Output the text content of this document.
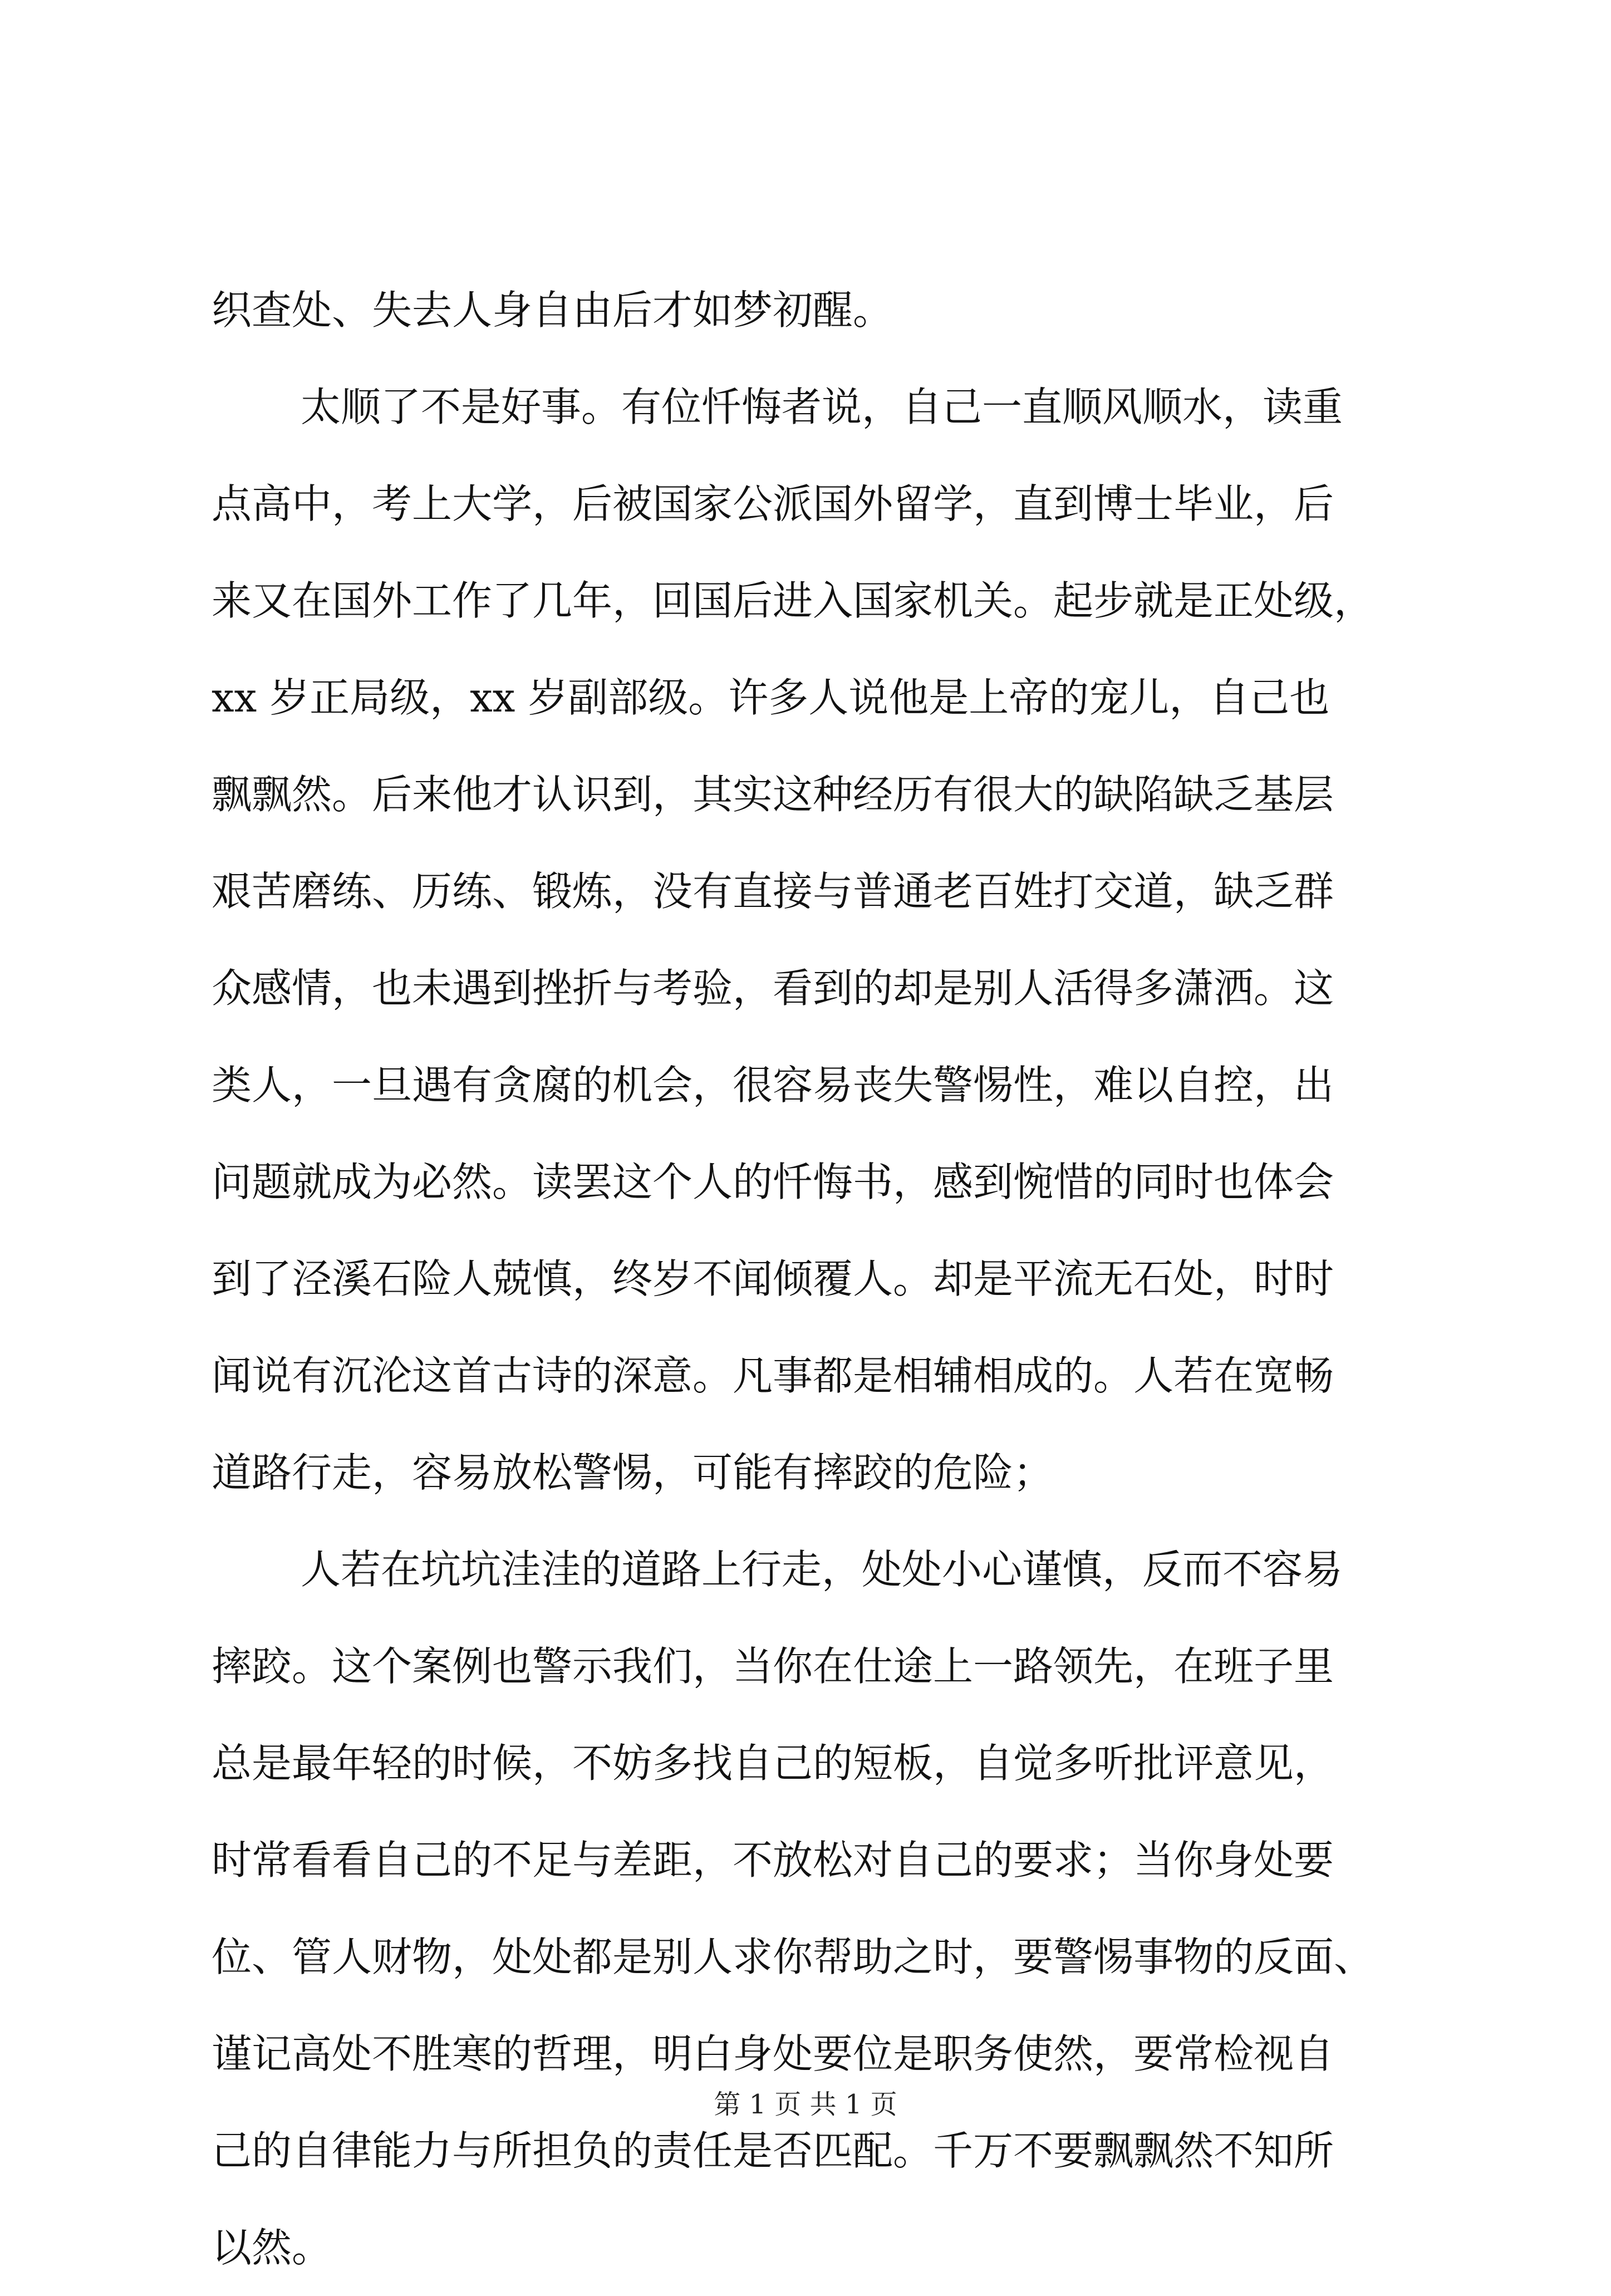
织查处、失去人身自由后才如梦初醒。
太顺了不是好事。有位忏悔者说，自己一直顺风顺水，读重
点高中，考上大学，后被国家公派国外留学，直到博士毕业，后
来又在国外工作了几年，回国后进入国家机关。起步就是正处级，
xx 岁正局级，xx 岁副部级。许多人说他是上帝的宠儿，自己也
飘飘然。后来他才认识到，其实这种经历有很大的缺陷缺乏基层
艰苦磨练、历练、锻炼，没有直接与普通老百姓打交道，缺乏群
众感情，也未遇到挫折与考验，看到的却是别人活得多潇洒。这
类人，一旦遇有贪腐的机会，很容易丧失警惕性，难以自控，出
问题就成为必然。读罢这个人的忏悔书，感到惋惜的同时也体会
到了泾溪石险人兢慎，终岁不闻倾覆人。却是平流无石处，时时
闻说有沉沦这首古诗的深意。凡事都是相辅相成的。人若在宽畅
道路行走，容易放松警惕，可能有摔跤的危险；
人若在坑坑洼洼的道路上行走，处处小心谨慎，反而不容易
摔跤。这个案例也警示我们，当你在仕途上一路领先，在班子里
总是最年轻的时候，不妨多找自己的短板，自觉多听批评意见，
时常看看自己的不足与差距，不放松对自己的要求；当你身处要
位、管人财物，处处都是别人求你帮助之时，要警惕事物的反面、
谨记高处不胜寒的哲理，明白身处要位是职务使然，要常检视自
己的自律能力与所担负的责任是否匹配。千万不要飘飘然不知所
以然。
第 1 页 共 1 页
